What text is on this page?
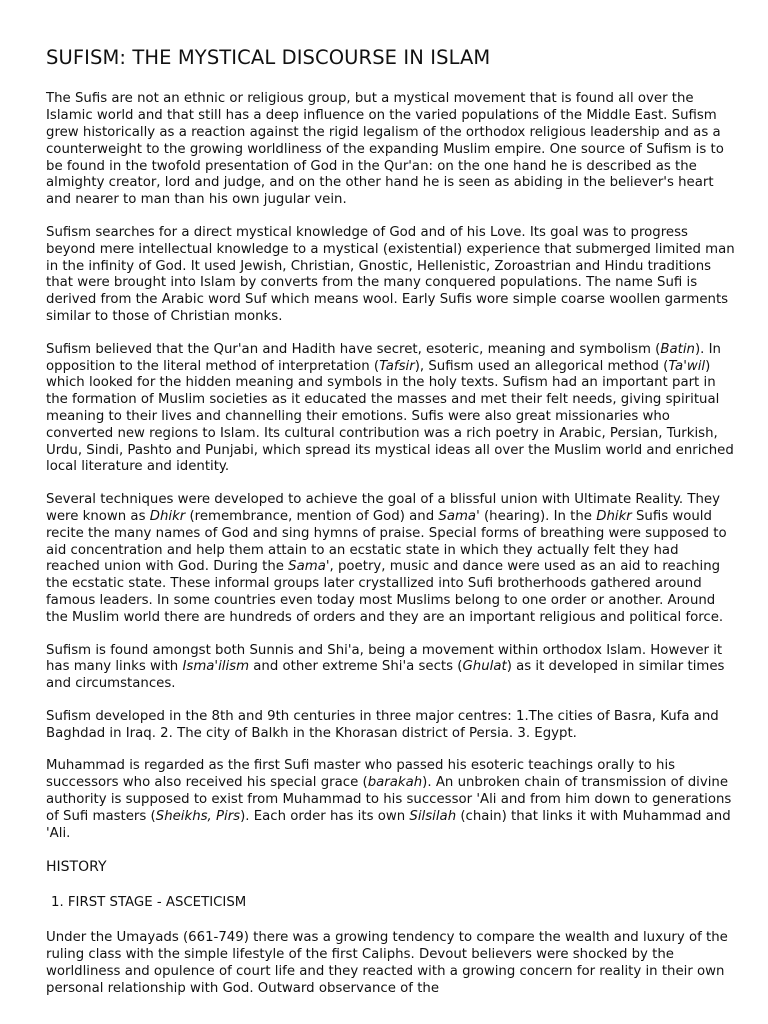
SUFISM: THE MYSTICAL DISCOURSE IN ISLAM

The Sufis are not an ethnic or religious group, but a mystical movement that is found all over the Islamic world and that still has a deep influence on the varied populations of the Middle East. Sufism grew historically as a reaction against the rigid legalism of the orthodox religious leadership and as a counterweight to the growing worldliness of the expanding Muslim empire. One source of Sufism is to be found in the twofold presentation of God in the Qur'an: on the one hand he is described as the almighty creator, lord and judge, and on the other hand he is seen as abiding in the believer's heart and nearer to man than his own jugular vein.

Sufism searches for a direct mystical knowledge of God and of his Love. Its goal was to progress beyond mere intellectual knowledge to a mystical (existential) experience that submerged limited man in the infinity of God. It used Jewish, Christian, Gnostic, Hellenistic, Zoroastrian and Hindu traditions that were brought into Islam by converts from the many conquered populations. The name Sufi is derived from the Arabic word Suf which means wool. Early Sufis wore simple coarse woollen garments similar to those of Christian monks.

Sufism believed that the Qur'an and Hadith have secret, esoteric, meaning and symbolism (Batin). In opposition to the literal method of interpretation (Tafsir), Sufism used an allegorical method (Ta'wil) which looked for the hidden meaning and symbols in the holy texts. Sufism had an important part in the formation of Muslim societies as it educated the masses and met their felt needs, giving spiritual meaning to their lives and channelling their emotions. Sufis were also great missionaries who converted new regions to Islam. Its cultural contribution was a rich poetry in Arabic, Persian, Turkish, Urdu, Sindi, Pashto and Punjabi, which spread its mystical ideas all over the Muslim world and enriched local literature and identity.

Several techniques were developed to achieve the goal of a blissful union with Ultimate Reality. They were known as Dhikr (remembrance, mention of God) and Sama' (hearing). In the Dhikr Sufis would recite the many names of God and sing hymns of praise. Special forms of breathing were supposed to aid concentration and help them attain to an ecstatic state in which they actually felt they had reached union with God. During the Sama', poetry, music and dance were used as an aid to reaching the ecstatic state. These informal groups later crystallized into Sufi brotherhoods gathered around famous leaders. In some countries even today most Muslims belong to one order or another. Around the Muslim world there are hundreds of orders and they are an important religious and political force.

Sufism is found amongst both Sunnis and Shi'a, being a movement within orthodox Islam. However it has many links with Isma'ilism and other extreme Shi'a sects (Ghulat) as it developed in similar times and circumstances.

Sufism developed in the 8th and 9th centuries in three major centres: 1.The cities of Basra, Kufa and Baghdad in Iraq. 2. The city of Balkh in the Khorasan district of Persia. 3. Egypt.

Muhammad is regarded as the first Sufi master who passed his esoteric teachings orally to his successors who also received his special grace (barakah). An unbroken chain of transmission of divine authority is supposed to exist from Muhammad to his successor 'Ali and from him down to generations of Sufi masters (Sheikhs, Pirs). Each order has its own Silsilah (chain) that links it with Muhammad and 'Ali.

HISTORY
1. FIRST STAGE - ASCETICISM

Under the Umayads (661-749) there was a growing tendency to compare the wealth and luxury of the ruling class with the simple lifestyle of the first Caliphs. Devout believers were shocked by the worldliness and opulence of court life and they reacted with a growing concern for reality in their own personal relationship with God. Outward observance of the
